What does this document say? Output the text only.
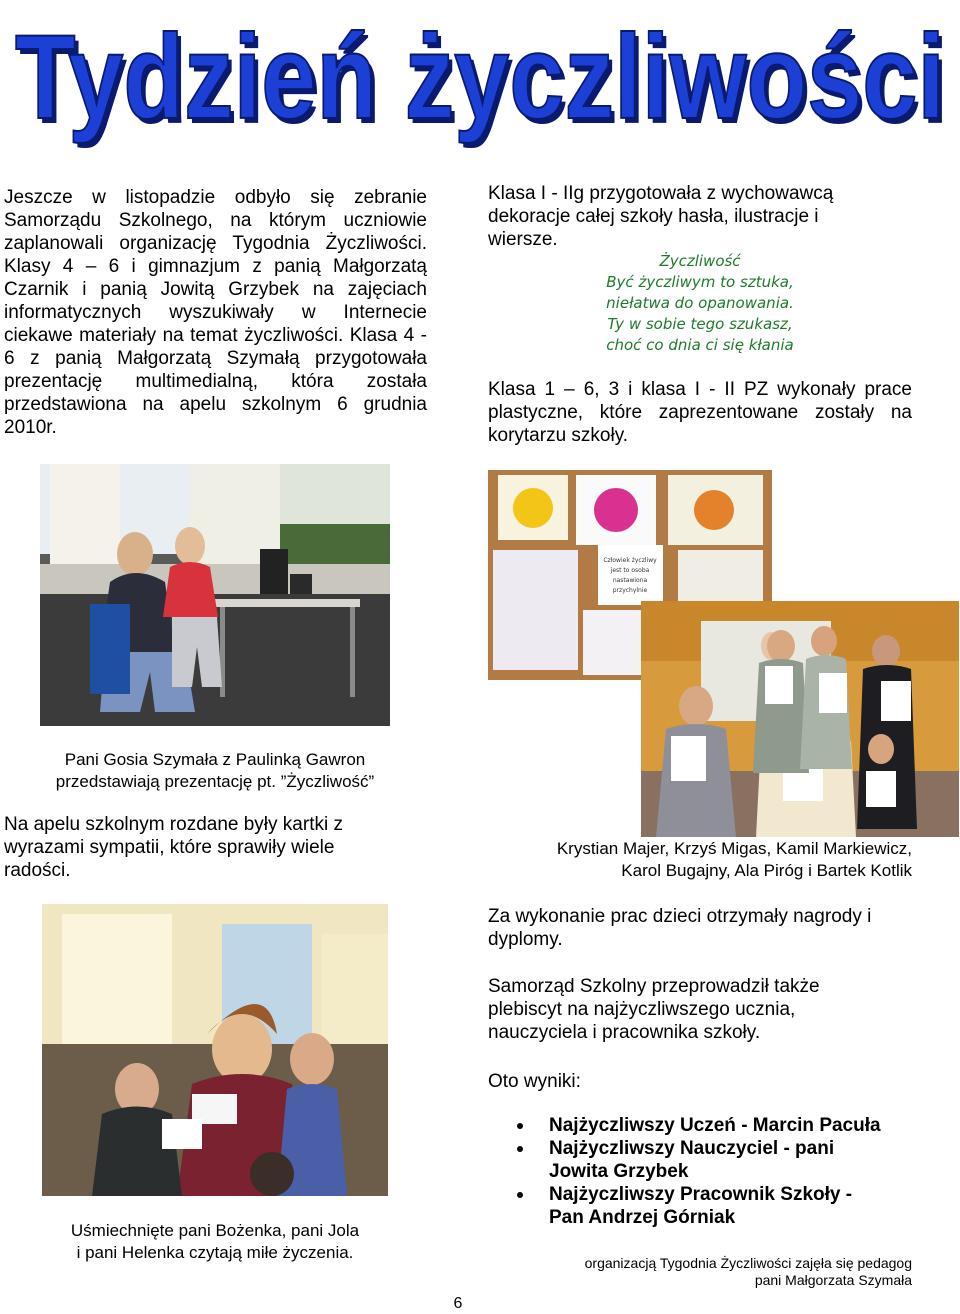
Tydzień życzliwości
Tydzień życzliwości
Jeszcze w listopadzie odbyło się zebranie Samorządu Szkolnego, na którym uczniowie zaplanowali organizację Tygodnia Życzliwości. Klasy 4 – 6 i gimnazjum z panią Małgorzatą Czarnik i panią Jowitą Grzybek na zajęciach informatycznych wyszukiwały w Internecie ciekawe materiały na temat życzliwości. Klasa 4 - 6 z panią Małgorzatą Szymałą przygotowała prezentację multimedialną, która została przedstawiona na apelu szkolnym 6 grudnia 2010r.
Klasa I - IIg przygotowała z wychowawcą dekoracje całej szkoły hasła, ilustracje i wiersze.
Życzliwość
Być życzliwym to sztuka,
niełatwa do opanowania.
Ty w sobie tego szukasz,
choć co dnia ci się kłania
Klasa 1 – 6, 3 i klasa I - II PZ wykonały prace plastyczne, które zaprezentowane zostały na korytarzu szkoły.
Pani Gosia Szymała z Paulinką Gawron
przedstawiają prezentację pt. ”Życzliwość”
Na apelu szkolnym rozdane były kartki z wyrazami sympatii, które sprawiły wiele radości.
Człowiek życzliwy
jest to osoba
nastawiona
przychylnie
Krystian Majer, Krzyś Migas, Kamil Markiewicz,
Karol Bugajny, Ala Piróg i Bartek Kotlik
Uśmiechnięte pani Bożenka, pani Jola
i pani Helenka czytają miłe życzenia.
Za wykonanie prac dzieci otrzymały nagrody i dyplomy.
Samorząd Szkolny przeprowadził także plebiscyt na najżyczliwszego ucznia, nauczyciela i pracownika szkoły.
Oto wyniki:
Najżyczliwszy Uczeń - Marcin Pacuła
Najżyczliwszy Nauczyciel - pani Jowita Grzybek
Najżyczliwszy Pracownik Szkoły - Pan Andrzej Górniak
organizacją Tygodnia Życzliwości zajęła się pedagog
pani Małgorzata Szymała
6
